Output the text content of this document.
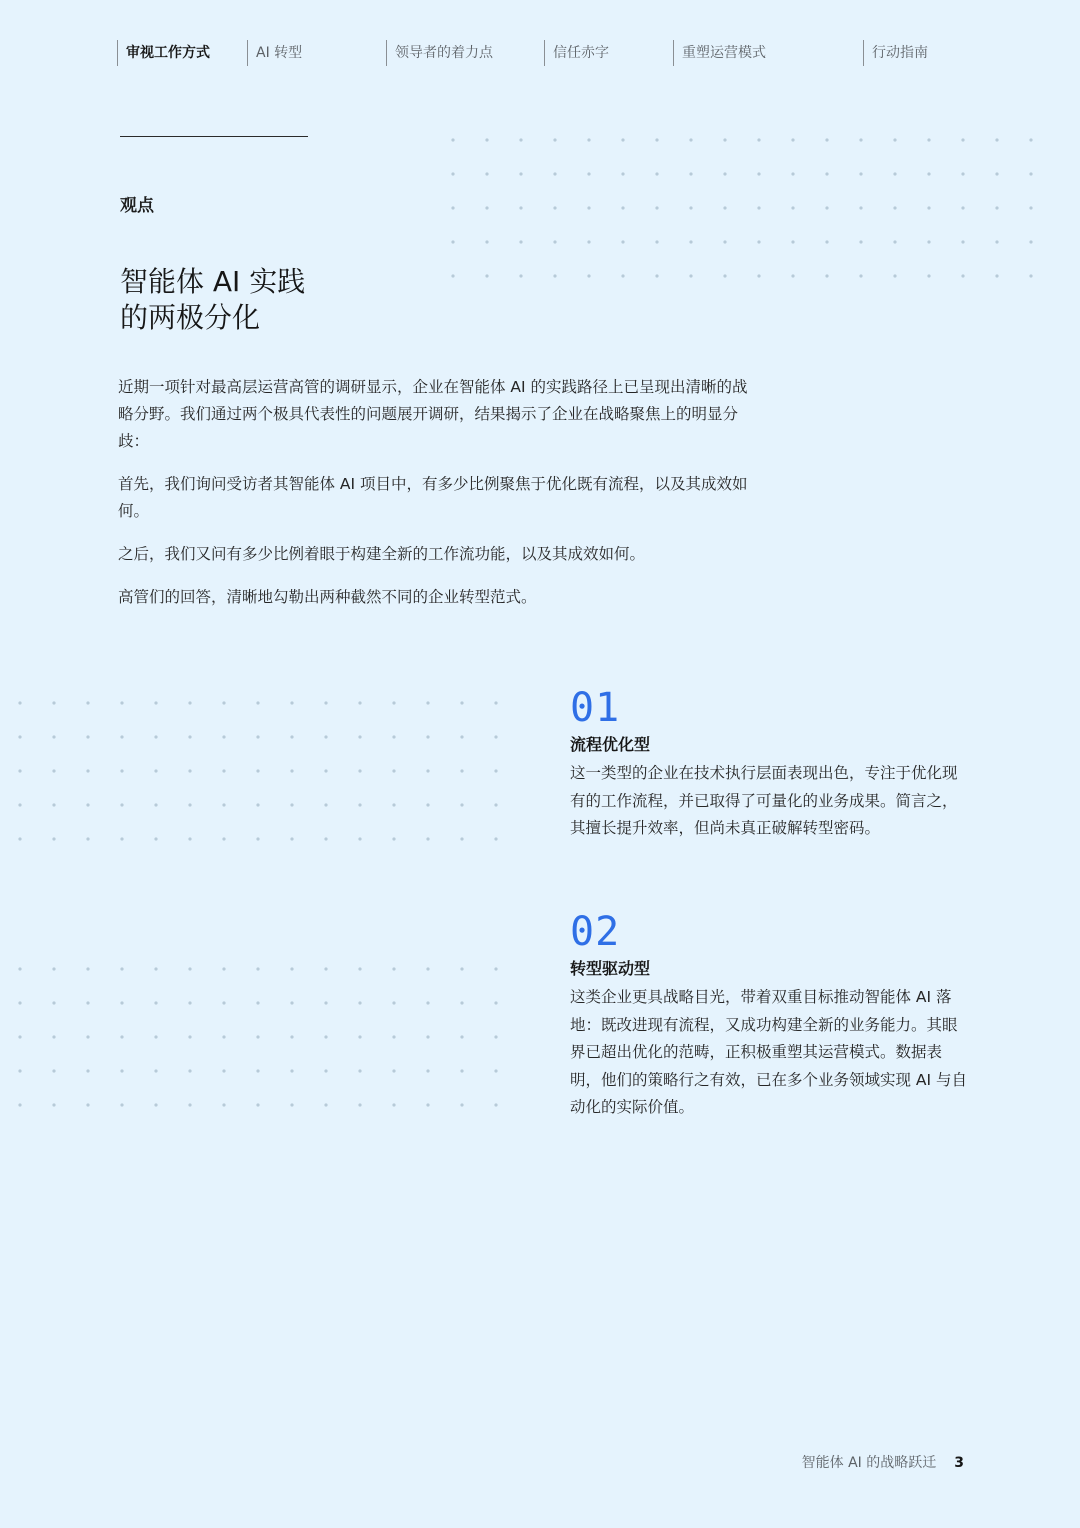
审视工作方式	AI 转型	领导者的着力点	信任赤字	重塑运营模式	行动指南
观点
智能体 AI 实践
的两极分化

近期一项针对最高层运营高管的调研显示，企业在智能体 AI 的实践路径上已呈现出清晰的战略分野。我们通过两个极具代表性的问题展开调研，结果揭示了企业在战略聚焦上的明显分歧：

首先，我们询问受访者其智能体 AI 项目中，有多少比例聚焦于优化既有流程，以及其成效如何。

之后，我们又问有多少比例着眼于构建全新的工作流功能，以及其成效如何。

高管们的回答，清晰地勾勒出两种截然不同的企业转型范式。

01
流程优化型
这一类型的企业在技术执行层面表现出色，专注于优化现有的工作流程，并已取得了可量化的业务成果。简言之，其擅长提升效率，但尚未真正破解转型密码。
02
转型驱动型
这类企业更具战略目光，带着双重目标推动智能体 AI 落地：既改进现有流程，又成功构建全新的业务能力。其眼界已超出优化的范畴，正积极重塑其运营模式。数据表明，他们的策略行之有效，已在多个业务领域实现 AI 与自动化的实际价值。
智能体 AI 的战略跃迁 3
